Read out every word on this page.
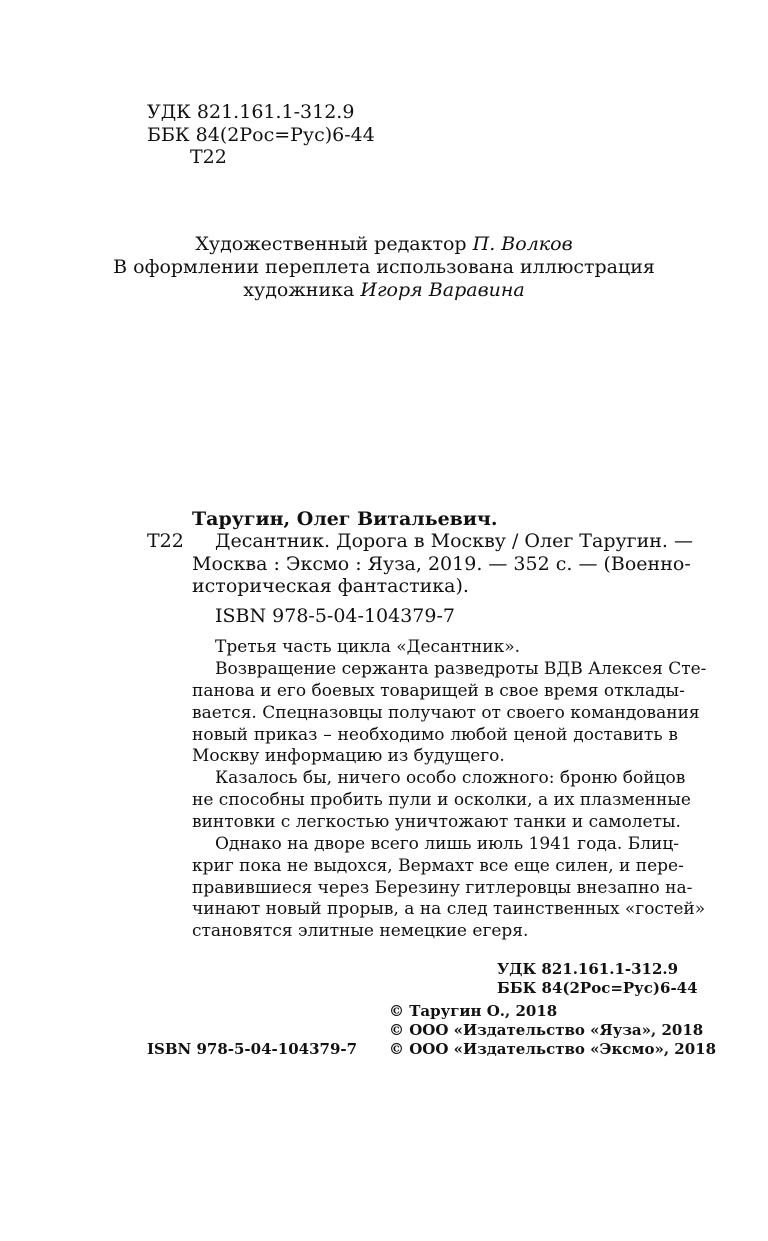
УДК 821.161.1-312.9
ББК 84(2Рос=Рус)6-44
Т22
Художественный редактор П. Волков
В оформлении переплета использована иллюстрация
художника Игоря Варавина
Таругин, Олег Витальевич.
Т22 Десантник. Дорога в Москву / Олег Таругин. —
Москва : Эксмо : Яуза, 2019. — 352 с. — (Военно-
историческая фантастика).
ISBN 978-5-04-104379-7
Третья часть цикла «Десантник».
Возвращение сержанта разведроты ВДВ Алексея Сте-
панова и его боевых товарищей в свое время отклады-
вается. Спецназовцы получают от своего командования
новый приказ – необходимо любой ценой доставить в
Москву информацию из будущего.
Казалось бы, ничего особо сложного: броню бойцов
не способны пробить пули и осколки, а их плазменные
винтовки с легкостью уничтожают танки и самолеты.
Однако на дворе всего лишь июль 1941 года. Блиц-
криг пока не выдохся, Вермахт все еще силен, и пере-
правившиеся через Березину гитлеровцы внезапно на-
чинают новый прорыв, а на след таинственных «гостей»
становятся элитные немецкие егеря.
УДК 821.161.1-312.9
ББК 84(2Рос=Рус)6-44
© Таругин О., 2018
© ООО «Издательство «Яуза», 2018
© ООО «Издательство «Эксмо», 2018
ISBN 978-5-04-104379-7
